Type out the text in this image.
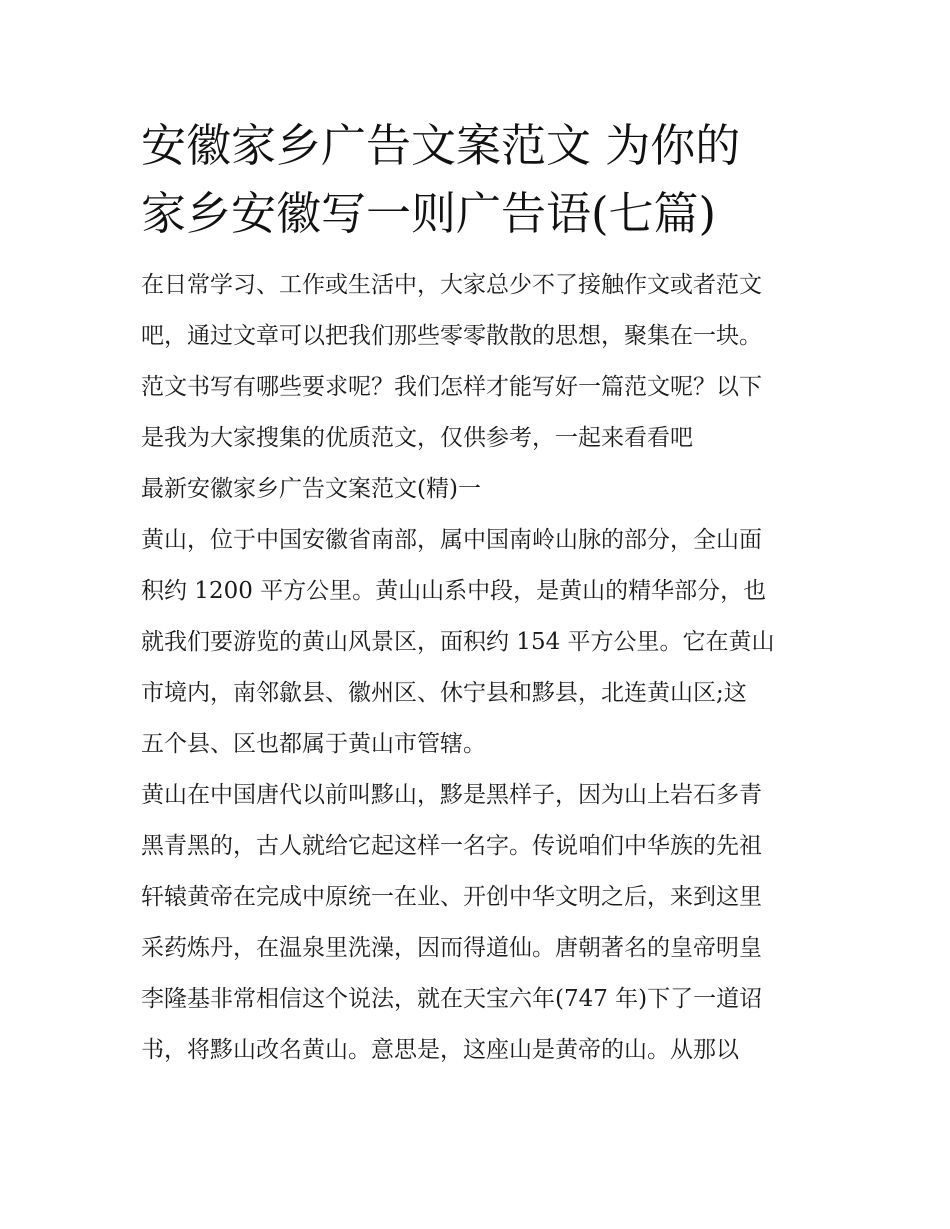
安徽家乡广告文案范文 为你的
家乡安徽写一则广告语(七篇)

在日常学习、工作或生活中，大家总少不了接触作文或者范文
吧，通过文章可以把我们那些零零散散的思想，聚集在一块。
范文书写有哪些要求呢？我们怎样才能写好一篇范文呢？以下
是我为大家搜集的优质范文，仅供参考，一起来看看吧

最新安徽家乡广告文案范文(精)一

黄山，位于中国安徽省南部，属中国南岭山脉的部分，全山面
积约 1200 平方公里。黄山山系中段，是黄山的精华部分，也
就我们要游览的黄山风景区，面积约 154 平方公里。它在黄山
市境内，南邻歙县、徽州区、休宁县和黟县，北连黄山区;这
五个县、区也都属于黄山市管辖。

黄山在中国唐代以前叫黟山，黟是黑样子，因为山上岩石多青
黑青黑的，古人就给它起这样一名字。传说咱们中华族的先祖
轩辕黄帝在完成中原统一在业、开创中华文明之后，来到这里
采药炼丹，在温泉里洗澡，因而得道仙。唐朝著名的皇帝明皇
李隆基非常相信这个说法，就在天宝六年(747 年)下了一道诏
书，将黟山改名黄山。意思是，这座山是黄帝的山。从那以
